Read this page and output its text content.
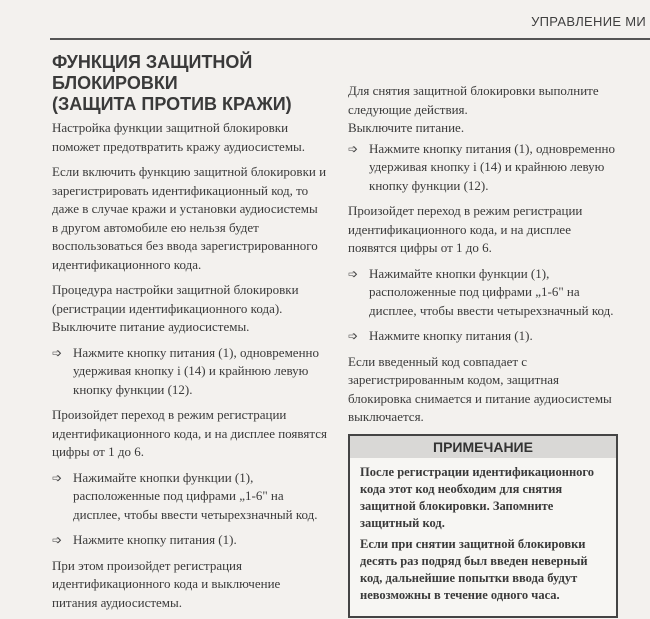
УПРАВЛЕНИЕ МИ
ФУНКЦИЯ ЗАЩИТНОЙ
БЛОКИРОВКИ
(ЗАЩИТА ПРОТИВ КРАЖИ)

Настройка функции защитной блокировки поможет предотвратить кражу аудиосистемы.

Если включить функцию защитной блокировки и зарегистрировать идентификационный код, то даже в случае кражи и установки аудиосистемы в другом автомобиле ею нельзя будет воспользоваться без ввода зарегистрированного идентификационного кода.

Процедура настройки защитной блокировки (регистрации идентификационного кода).

Выключите питание аудиосистемы.

➩ Нажмите кнопку питания (1), одновременно удерживая кнопку i (14) и крайнюю левую кнопку функции (12).

Произойдет переход в режим регистрации идентификационного кода, и на дисплее появятся цифры от 1 до 6.

➩ Нажимайте кнопки функции (1), расположенные под цифрами „1-6" на дисплее, чтобы ввести четырехзначный код.
➩ Нажмите кнопку питания (1).

При этом произойдет регистрация идентификационного кода и выключение питания аудиосистемы.

Для снятия защитной блокировки выполните следующие действия.

Выключите питание.

➩ Нажмите кнопку питания (1), одновременно удерживая кнопку i (14) и крайнюю левую кнопку функции (12).

Произойдет переход в режим регистрации идентификационного кода, и на дисплее появятся цифры от 1 до 6.

➩ Нажимайте кнопки функции (1), расположенные под цифрами „1-6" на дисплее, чтобы ввести четырехзначный код.
➩ Нажмите кнопку питания (1).

Если введенный код совпадает с зарегистрированным кодом, защитная блокировка снимается и питание аудиосистемы выключается.

ПРИМЕЧАНИЕ

После регистрации идентификационного кода этот код необходим для снятия защитной блокировки. Запомните защитный код.

Если при снятии защитной блокировки десять раз подряд был введен неверный код, дальнейшие попытки ввода будут невозможны в течение одного часа.
